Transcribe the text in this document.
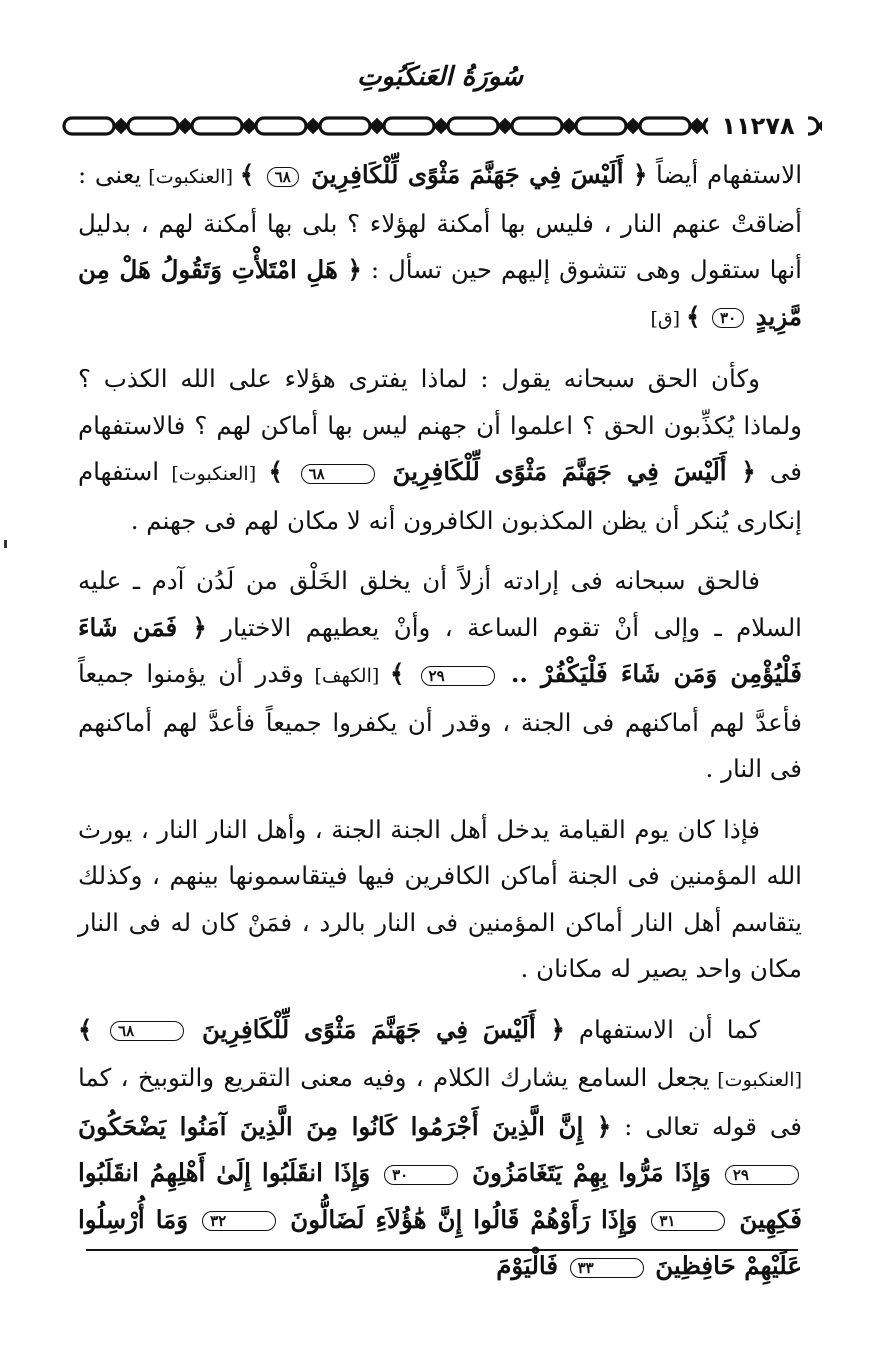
سُورَةُ العَنكَبُوتِ
١١٢٧٨

الاستفهام أيضاً ﴿ أَلَيْسَ فِي جَهَنَّمَ مَثْوًى لِّلْكَافِرِينَ ٦٨ ﴾ [العنكبوت] يعنى : أضاقتْ عنهم النار ، فليس بها أمكنة لهؤلاء ؟ بلى بها أمكنة لهم ، بدليل أنها ستقول وهى تتشوق إليهم حين تسأل : ﴿ هَلِ امْتَلأْتِ وَتَقُولُ هَلْ مِن مَّزِيدٍ ٣٠ ﴾ [ق]

وكأن الحق سبحانه يقول : لماذا يفترى هؤلاء على الله الكذب ؟ ولماذا يُكذِّبون الحق ؟ اعلموا أن جهنم ليس بها أماكن لهم ؟ فالاستفهام فى ﴿ أَلَيْسَ فِي جَهَنَّمَ مَثْوًى لِّلْكَافِرِينَ ٦٨ ﴾ [العنكبوت] استفهام إنكارى يُنكر أن يظن المكذبون الكافرون أنه لا مكان لهم فى جهنم .

فالحق سبحانه فى إرادته أزلاً أن يخلق الخَلْق من لَدُن آدم ـ عليه السلام ـ وإلى أنْ تقوم الساعة ، وأنْ يعطيهم الاختيار ﴿ فَمَن شَاءَ فَلْيُؤْمِن وَمَن شَاءَ فَلْيَكْفُرْ .. ٢٩ ﴾ [الكهف] وقدر أن يؤمنوا جميعاً فأعدَّ لهم أماكنهم فى الجنة ، وقدر أن يكفروا جميعاً فأعدَّ لهم أماكنهم فى النار .

فإذا كان يوم القيامة يدخل أهل الجنة الجنة ، وأهل النار النار ، يورث الله المؤمنين فى الجنة أماكن الكافرين فيها فيتقاسمونها بينهم ، وكذلك يتقاسم أهل النار أماكن المؤمنين فى النار بالرد ، فمَنْ كان له فى النار مكان واحد يصير له مكانان .

كما أن الاستفهام ﴿ أَلَيْسَ فِي جَهَنَّمَ مَثْوًى لِّلْكَافِرِينَ ٦٨ ﴾ [العنكبوت] يجعل السامع يشارك الكلام ، وفيه معنى التقريع والتوبيخ ، كما فى قوله تعالى : ﴿ إِنَّ الَّذِينَ أَجْرَمُوا كَانُوا مِنَ الَّذِينَ آمَنُوا يَضْحَكُونَ ٢٩ وَإِذَا مَرُّوا بِهِمْ يَتَغَامَزُونَ ٣٠ وَإِذَا انقَلَبُوا إِلَىٰ أَهْلِهِمُ انقَلَبُوا فَكِهِينَ ٣١ وَإِذَا رَأَوْهُمْ قَالُوا إِنَّ هَٰؤُلاَءِ لَضَالُّونَ ٣٢ وَمَا أُرْسِلُوا عَلَيْهِمْ حَافِظِينَ ٣٣ فَالْيَوْمَ
